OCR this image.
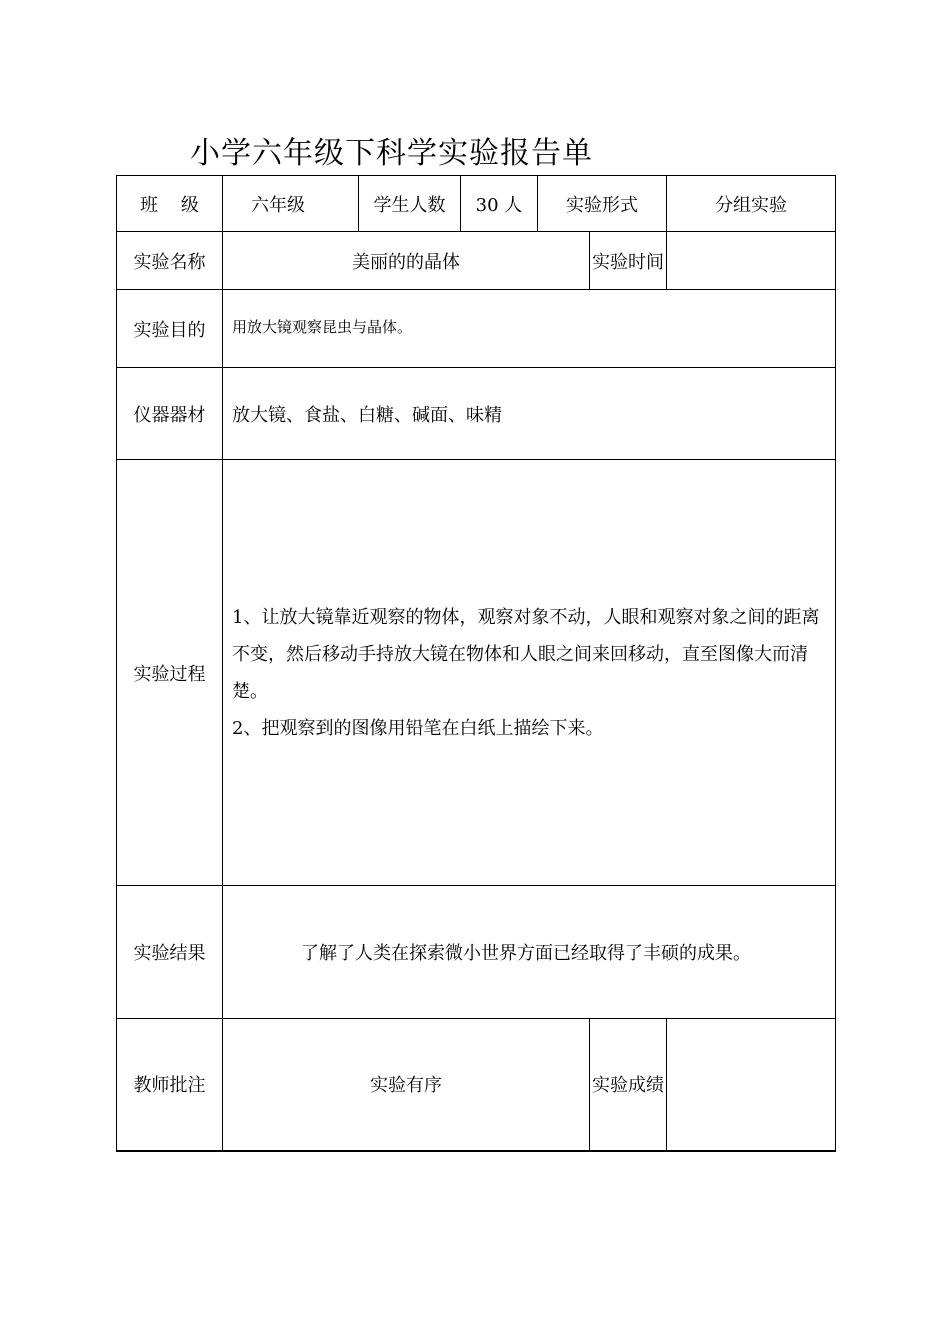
小学六年级下科学实验报告单
班    级	六年级	学生人数	30 人	实验形式		分组实验
实验名称	美丽的的晶体				实验时间	
实验目的	用放大镜观察昆虫与晶体。					
仪器器材	放大镜、食盐、白糖、碱面、味精					
实验过程	1、让放大镜靠近观察的物体，观察对象不动，人眼和观察对象之间的距离不变，然后移动手持放大镜在物体和人眼之间来回移动，直至图像大而清楚。

2、把观察到的图像用铅笔在白纸上描绘下来。					

实验结果	了解了人类在探索微小世界方面已经取得了丰硕的成果。					
教师批注	实验有序				实验成绩	
